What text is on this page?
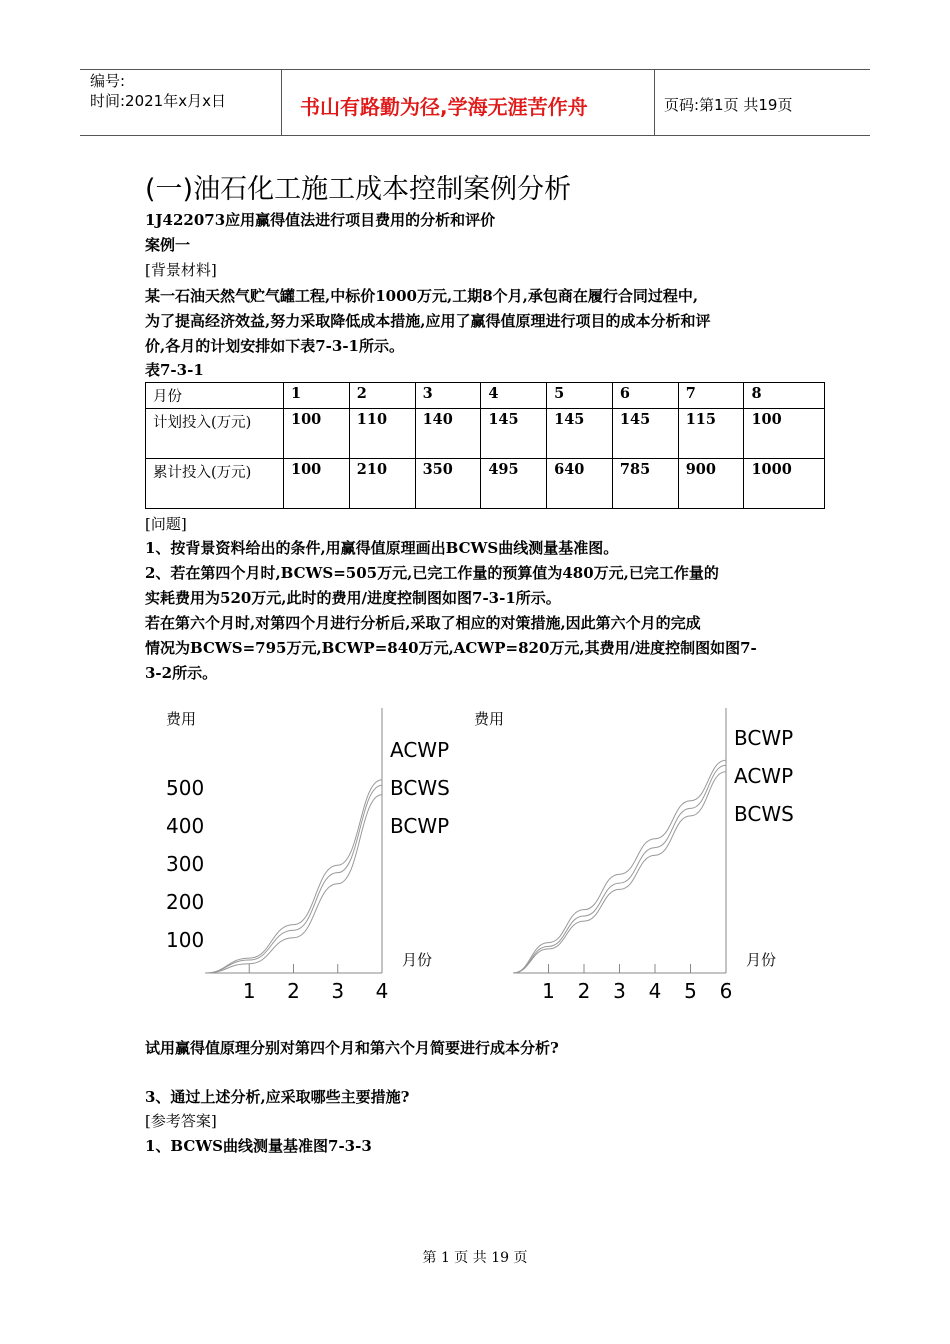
编号:
时间:2021年x月x日	书山有路勤为径,学海无涯苦作舟	页码:第1页 共19页
(一)油石化工施工成本控制案例分析
1J422073应用赢得值法进行项目费用的分析和评价
案例一
[背景材料]
某一石油天然气贮气罐工程,中标价1000万元,工期8个月,承包商在履行合同过程中,
为了提高经济效益,努力采取降低成本措施,应用了赢得值原理进行项目的成本分析和评
价,各月的计划安排如下表7-3-1所示。
表7-3-1
月份	1	2	3	4	5	6	7	8
计划投入(万元)	100	110	140	145	145	145	115	100
累计投入(万元)	100	210	350	495	640	785	900	1000
[问题]
1、按背景资料给出的条件,用赢得值原理画出BCWS曲线测量基准图。
2、若在第四个月时,BCWS=505万元,已完工作量的预算值为480万元,已完工作量的
实耗费用为520万元,此时的费用/进度控制图如图7-3-1所示。
若在第六个月时,对第四个月进行分析后,采取了相应的对策措施,因此第六个月的完成
情况为BCWS=795万元,BCWP=840万元,ACWP=820万元,其费用/进度控制图如图7-
3-2所示。
1 2 3 4
费用
月份
100
200
300
400
500
ACWP
BCWS
BCWP
1 2 3 4 5 6
费用
月份
BCWP
ACWP
BCWS
试用赢得值原理分别对第四个月和第六个月简要进行成本分析?
3、通过上述分析,应采取哪些主要措施?
[参考答案]
1、BCWS曲线测量基准图7-3-3
第 1 页 共 19 页
